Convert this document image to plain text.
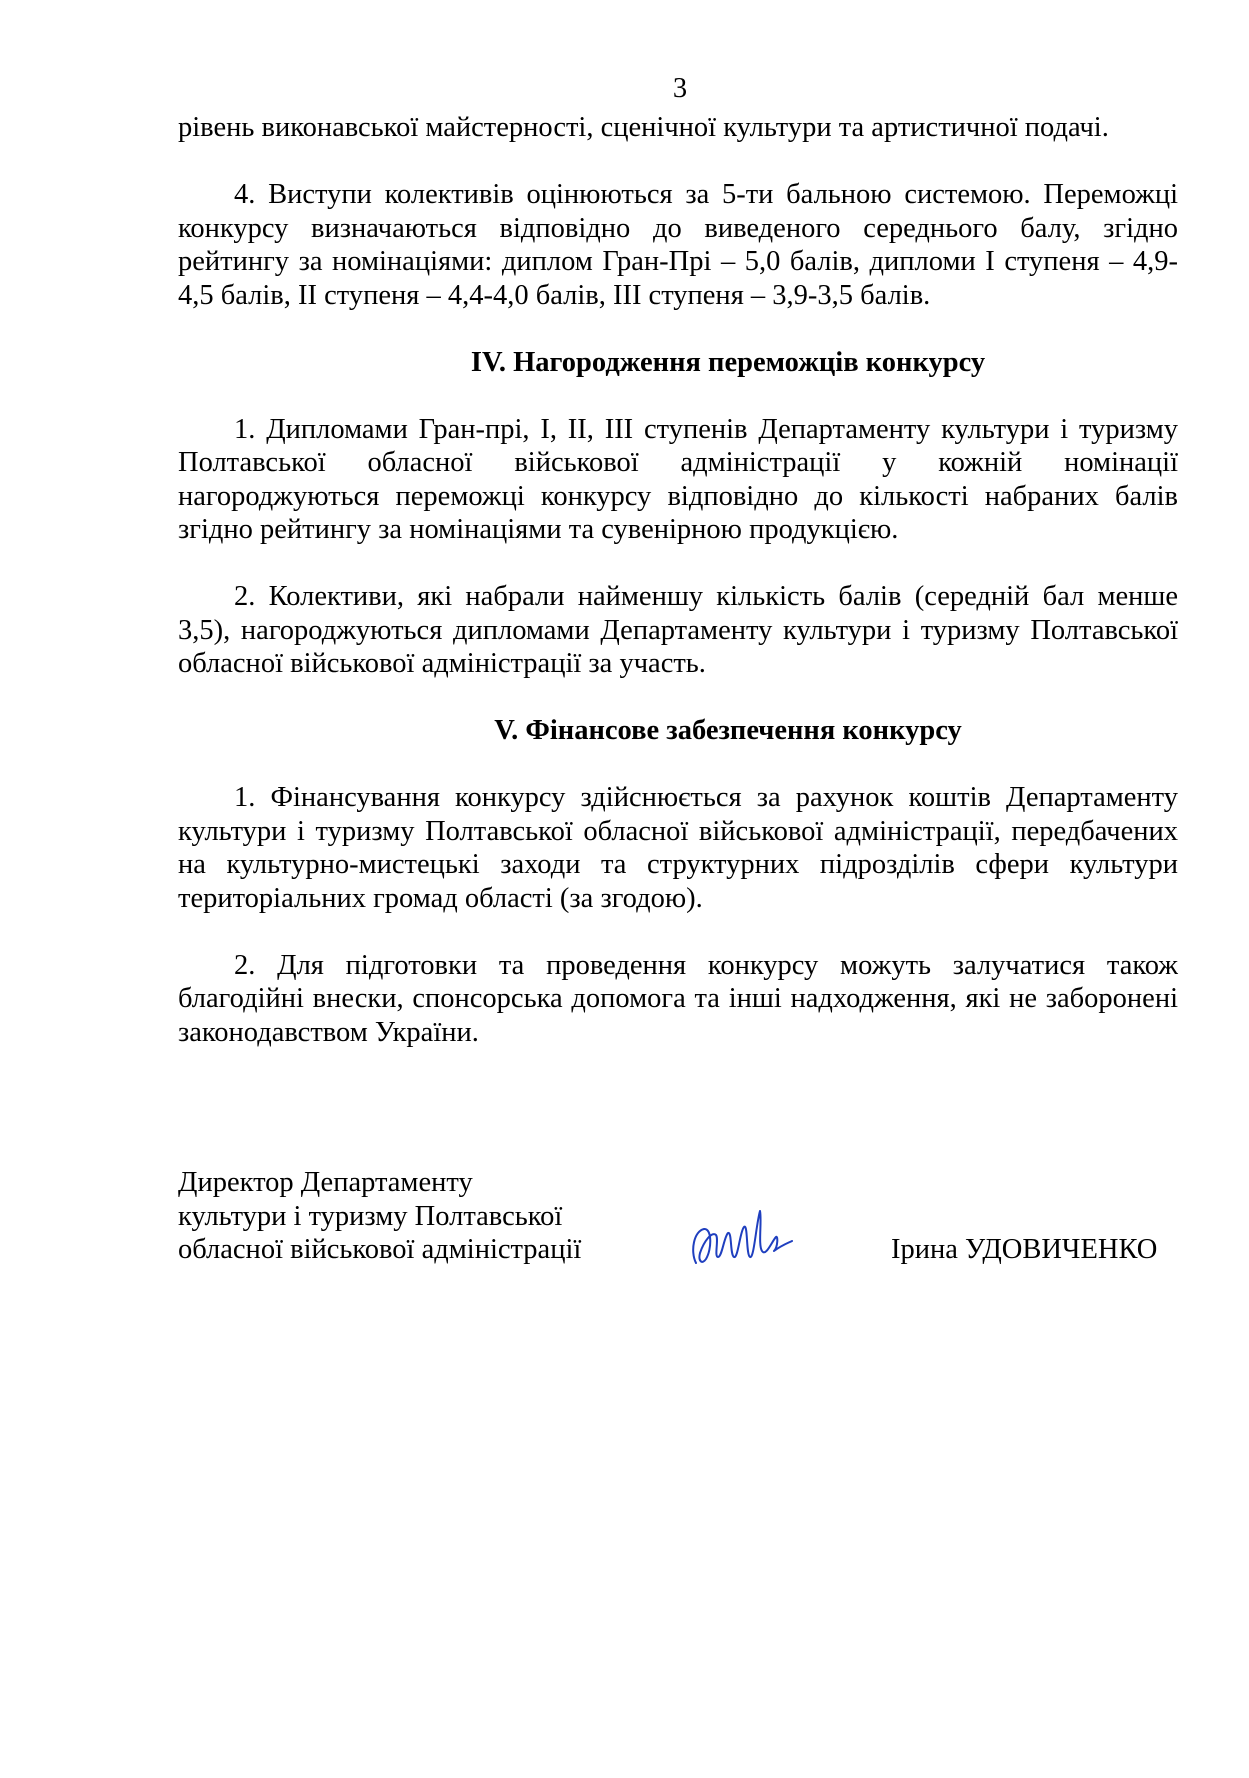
3

рівень виконавської майстерності, сценічної культури та артистичної подачі.

4. Виступи колективів оцінюються за 5-ти бальною системою. Переможці конкурсу визначаються відповідно до виведеного середнього балу, згідно рейтингу за номінаціями: диплом Гран-Прі – 5,0 балів, дипломи І ступеня – 4,9-4,5 балів, ІІ ступеня – 4,4-4,0 балів, ІІІ ступеня – 3,9-3,5 балів.

IV. Нагородження переможців конкурсу

1. Дипломами Гран-прі, І, ІІ, ІІІ ступенів Департаменту культури і туризму Полтавської обласної військової адміністрації у кожній номінації нагороджуються переможці конкурсу відповідно до кількості набраних балів згідно рейтингу за номінаціями та сувенірною продукцією.

2. Колективи, які набрали найменшу кількість балів (середній бал менше 3,5), нагороджуються дипломами Департаменту культури і туризму Полтавської обласної військової адміністрації за участь.

V. Фінансове забезпечення конкурсу

1. Фінансування конкурсу здійснюється за рахунок коштів Департаменту культури і туризму Полтавської обласної військової адміністрації, передбачених на культурно-мистецькі заходи та структурних підрозділів сфери культури територіальних громад області (за згодою).

2. Для підготовки та проведення конкурсу можуть залучатися також благодійні внески, спонсорська допомога та інші надходження, які не заборонені законодавством України.

Директор Департаменту
культури і туризму Полтавської
обласної військової адміністрації	Ірина УДОВИЧЕНКО
